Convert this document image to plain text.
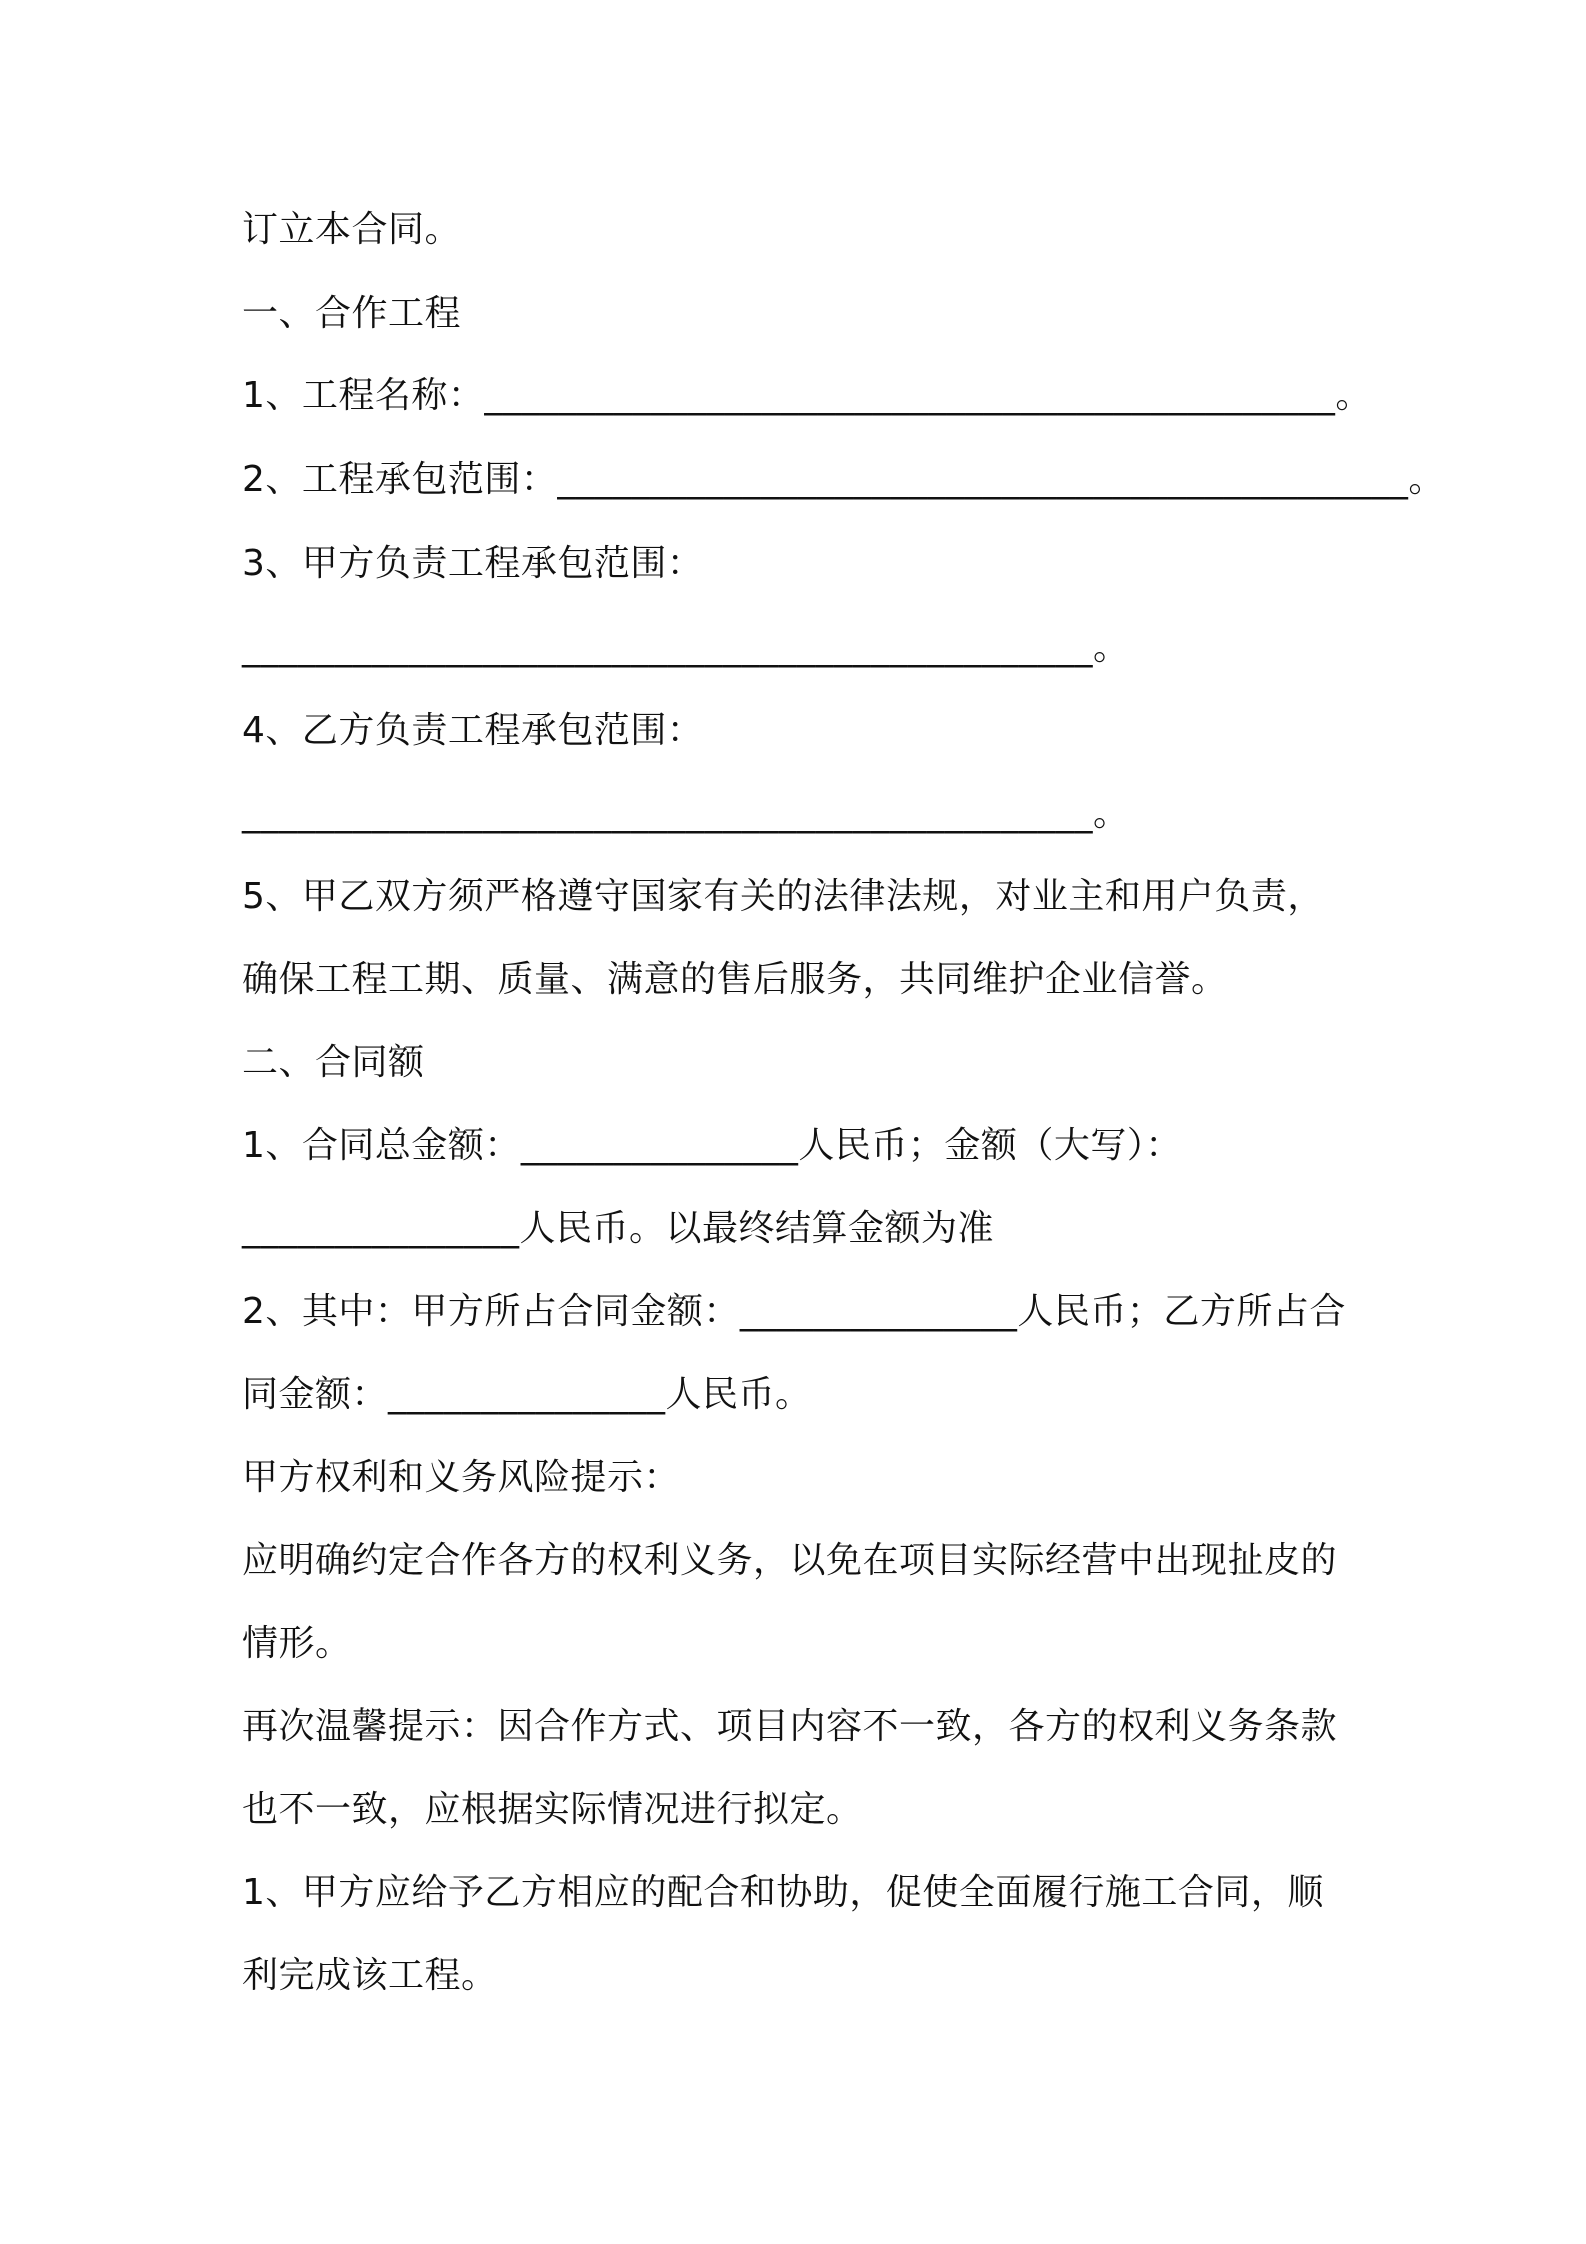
订立本合同。
一、合作工程
1、工程名称：______________________________________________。
2、工程承包范围：______________________________________________。
3、甲方负责工程承包范围：
______________________________________________。
4、乙方负责工程承包范围：
______________________________________________。
5、甲乙双方须严格遵守国家有关的法律法规，对业主和用户负责，
确保工程工期、质量、满意的售后服务，共同维护企业信誉。
二、合同额
1、合同总金额：_______________人民币；金额（大写）：
_______________人民币。以最终结算金额为准
2、其中：甲方所占合同金额：_______________人民币；乙方所占合
同金额：_______________人民币。
甲方权利和义务风险提示：
应明确约定合作各方的权利义务，以免在项目实际经营中出现扯皮的
情形。
再次温馨提示：因合作方式、项目内容不一致，各方的权利义务条款
也不一致，应根据实际情况进行拟定。
1、甲方应给予乙方相应的配合和协助，促使全面履行施工合同，顺
利完成该工程。
